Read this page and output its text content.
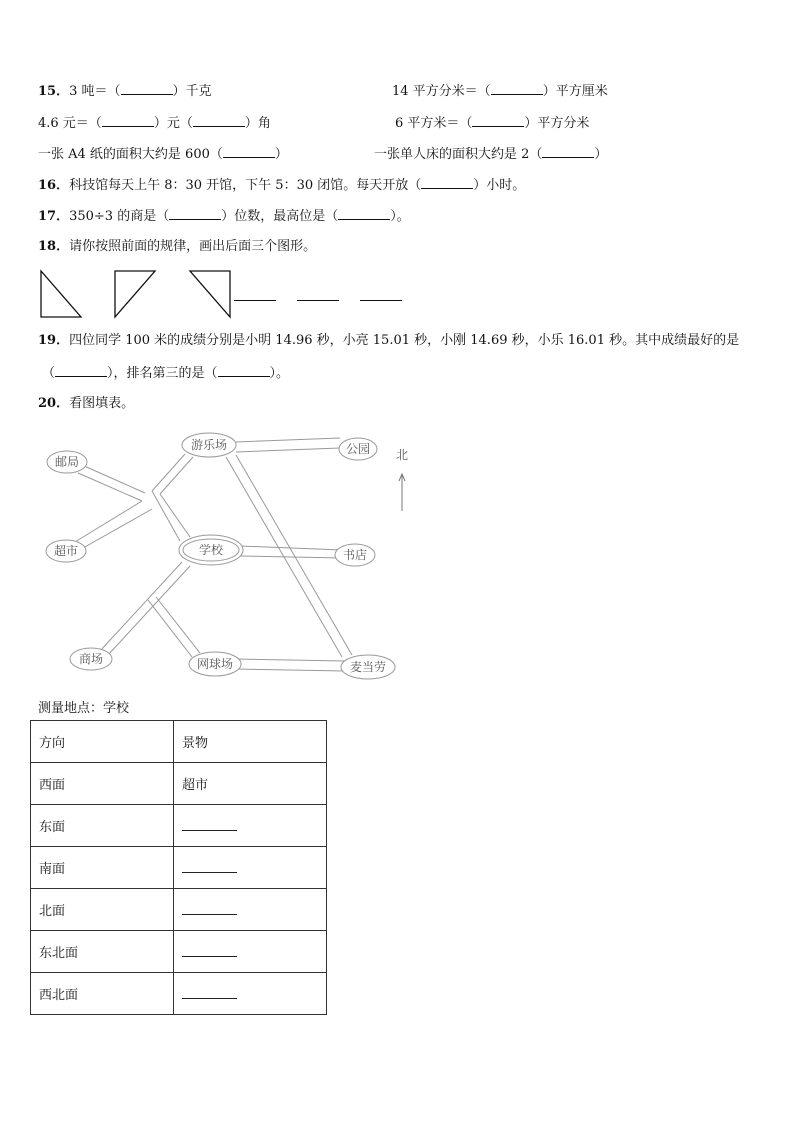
15．3 吨＝（	）千克	14 平方分米＝（	）平方厘米
4.6 元＝（	）元（	）角	6 平方米＝（	）平方分米
一张 A4 纸的面积大约是 600（	）	一张单人床的面积大约是 2（	）
16．科技馆每天上午 8：30 开馆，下午 5：30 闭馆。每天开放（	）小时。
17．350÷3 的商是（	）位数，最高位是（	）。
18．请你按照前面的规律，画出后面三个图形。
19．四位同学 100 米的成绩分别是小明 14.96 秒，小亮 15.01 秒，小刚 14.69 秒，小乐 16.01 秒。其中成绩最好的是
（	），排名第三的是（	）。
20．看图填表。
游乐场	公园
邮局
超市	学校	书店
商场	网球场	麦当劳
北
测量地点：学校
方向	景物
西面	超市
东面	
南面	
北面	
东北面	
西北面	
